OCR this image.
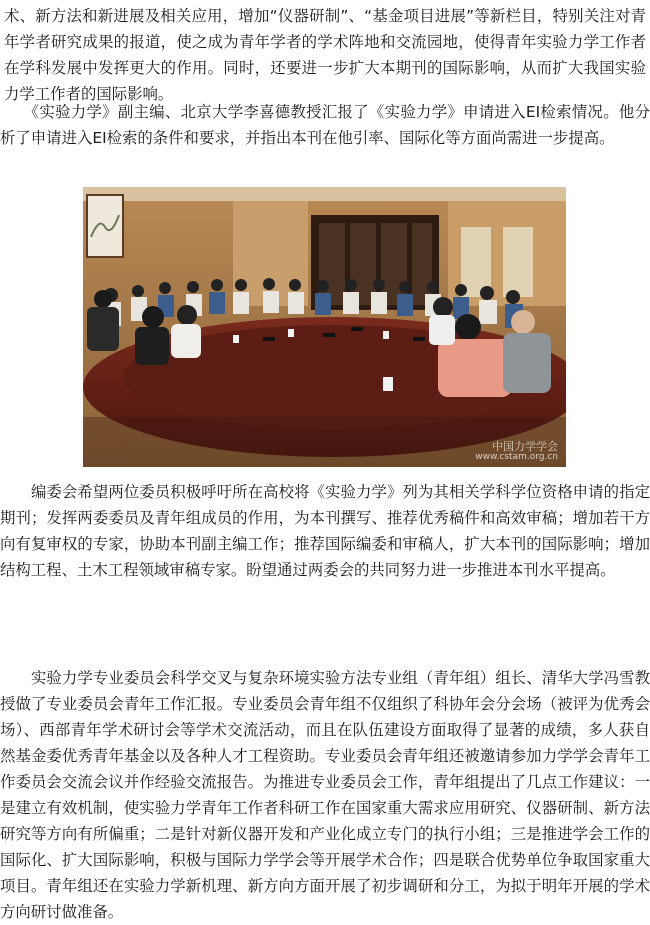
术、新方法和新进展及相关应用，增加“仪器研制”、“基金项目进展”等新栏目，特别关注对青年学者研究成果的报道，使之成为青年学者的学术阵地和交流园地，使得青年实验力学工作者在学科发展中发挥更大的作用。同时，还要进一步扩大本期刊的国际影响，从而扩大我国实验力学工作者的国际影响。

　　《实验力学》副主编、北京大学李喜德教授汇报了《实验力学》申请进入EI检索情况。他分析了申请进入EI检索的条件和要求，并指出本刊在他引率、国际化等方面尚需进一步提高。

中国力学学会
www.cstam.org.cn

　　编委会希望两位委员积极呼吁所在高校将《实验力学》列为其相关学科学位资格申请的指定期刊；发挥两委委员及青年组成员的作用，为本刊撰写、推荐优秀稿件和高效审稿；增加若干方向有复审权的专家，协助本刊副主编工作；推荐国际编委和审稿人，扩大本刊的国际影响；增加结构工程、土木工程领域审稿专家。盼望通过两委会的共同努力进一步推进本刊水平提高。

　　实验力学专业委员会科学交叉与复杂环境实验方法专业组（青年组）组长、清华大学冯雪教授做了专业委员会青年工作汇报。专业委员会青年组不仅组织了科协年会分会场（被评为优秀会场）、西部青年学术研讨会等学术交流活动，而且在队伍建设方面取得了显著的成绩，多人获自然基金委优秀青年基金以及各种人才工程资助。专业委员会青年组还被邀请参加力学学会青年工作委员会交流会议并作经验交流报告。为推进专业委员会工作，青年组提出了几点工作建议：一是建立有效机制，使实验力学青年工作者科研工作在国家重大需求应用研究、仪器研制、新方法研究等方向有所偏重；二是针对新仪器开发和产业化成立专门的执行小组；三是推进学会工作的国际化、扩大国际影响，积极与国际力学学会等开展学术合作；四是联合优势单位争取国家重大项目。青年组还在实验力学新机理、新方向方面开展了初步调研和分工，为拟于明年开展的学术方向研讨做准备。
